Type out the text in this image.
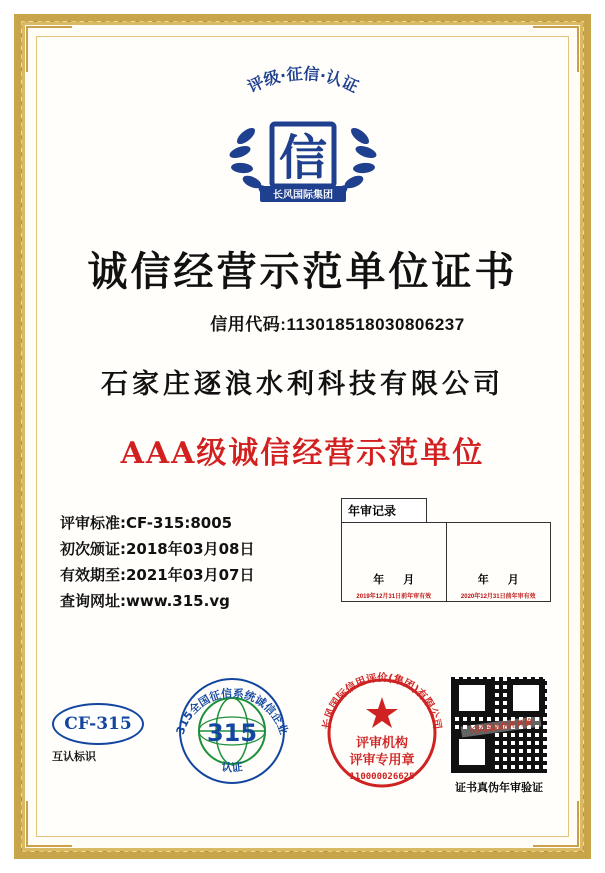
评级·征信·认证
信
长风国际集团
诚信经营示范单位证书
信用代码:113018518030806237
石家庄逐浪水利科技有限公司
AAA级诚信经营示范单位
评审标准:CF-315:8005
初次颁证:2018年03月08日
有效期至:2021年03月07日
查询网址:www.315.vg
年审记录
年 月
2019年12月31日前年审有效
年 月
2020年12月31日前年审有效
CF-315
互认标识
315
315全国征信系统诚信企业
认证
长风国际信用评价(集团)有限公司
评审机构
评审专用章
110000026625
长风国际信用评价
证书真伪年审验证
